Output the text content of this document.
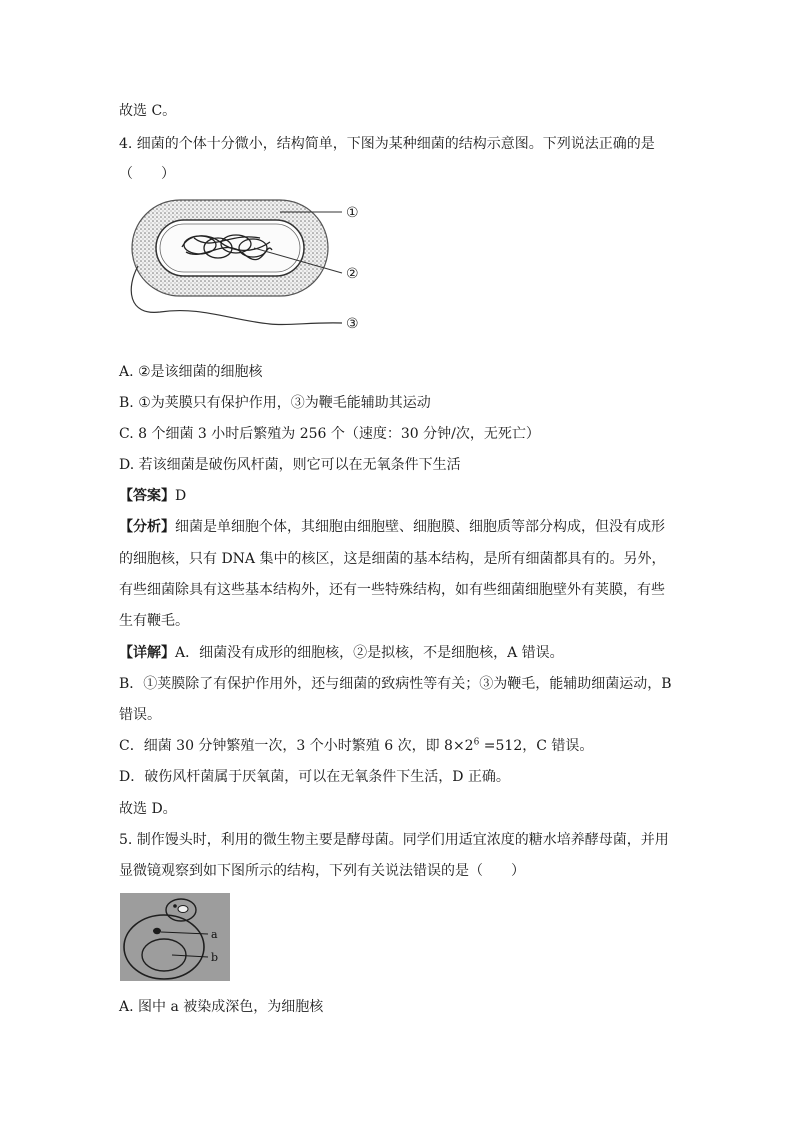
故选 C。
4. 细菌的个体十分微小，结构简单，下图为某种细菌的结构示意图。下列说法正确的是
（　　）
①
②
③
A. ②是该细菌的细胞核
B. ①为荚膜只有保护作用，③为鞭毛能辅助其运动
C. 8 个细菌 3 小时后繁殖为 256 个（速度：30 分钟/次，无死亡）
D. 若该细菌是破伤风杆菌，则它可以在无氧条件下生活
【答案】D
【分析】细菌是单细胞个体，其细胞由细胞壁、细胞膜、细胞质等部分构成，但没有成形
的细胞核，只有 DNA 集中的核区，这是细菌的基本结构，是所有细菌都具有的。另外，
有些细菌除具有这些基本结构外，还有一些特殊结构，如有些细菌细胞壁外有荚膜，有些
生有鞭毛。
【详解】A．细菌没有成形的细胞核，②是拟核，不是细胞核，A 错误。
B．①荚膜除了有保护作用外，还与细菌的致病性等有关；③为鞭毛，能辅助细菌运动，B
错误。
C．细菌 30 分钟繁殖一次，3 个小时繁殖 6 次，即 $8\times 2^6 =512$，C 错误。
D．破伤风杆菌属于厌氧菌，可以在无氧条件下生活，D 正确。
故选 D。
5. 制作馒头时，利用的微生物主要是酵母菌。同学们用适宜浓度的糖水培养酵母菌，并用
显微镜观察到如下图所示的结构，下列有关说法错误的是（　　）
a
b
A. 图中 a 被染成深色，为细胞核
